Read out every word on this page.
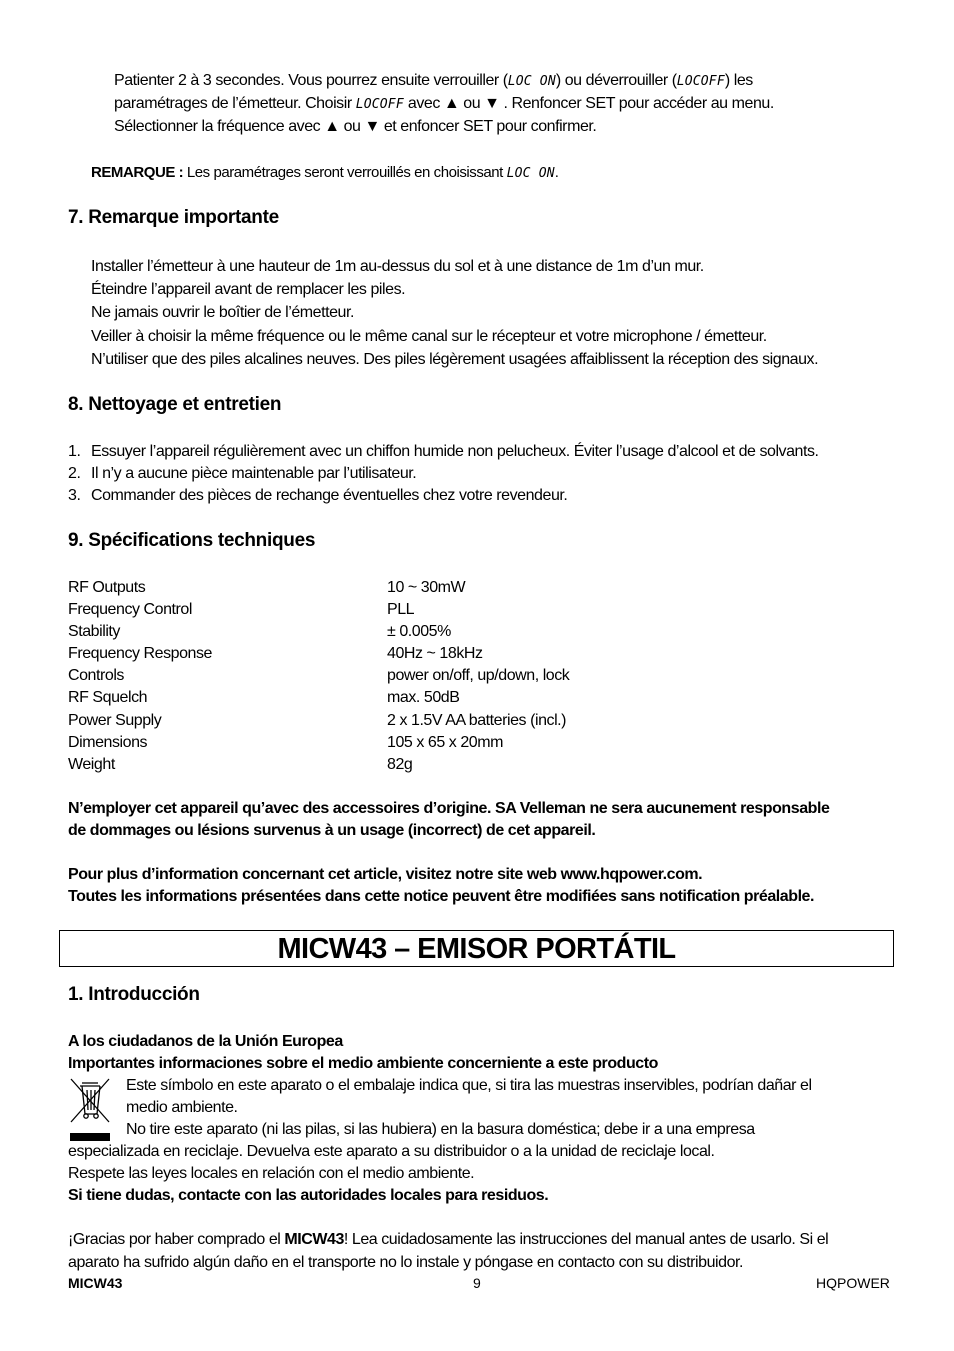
Patienter 2 à 3 secondes. Vous pourrez ensuite verrouiller (LOC ON) ou déverrouiller (LOCOFF) les
paramétrages de l’émetteur. Choisir LOCOFF avec ▲ ou ▼ . Renfoncer SET pour accéder au menu.
Sélectionner la fréquence avec ▲ ou ▼ et enfoncer SET pour confirmer.
REMARQUE : Les paramétrages seront verrouillés en choisissant LOC ON.
7. Remarque importante
Installer l’émetteur à une hauteur de 1m au-dessus du sol et à une distance de 1m d’un mur.
Éteindre l’appareil avant de remplacer les piles.
Ne jamais ouvrir le boîtier de l’émetteur.
Veiller à choisir la même fréquence ou le même canal sur le récepteur et votre microphone / émetteur.
N’utiliser que des piles alcalines neuves. Des piles légèrement usagées affaiblissent la réception des signaux.
8. Nettoyage et entretien
1. Essuyer l’appareil régulièrement avec un chiffon humide non pelucheux. Éviter l’usage d’alcool et de solvants.
2. Il n’y a aucune pièce maintenable par l’utilisateur.
3. Commander des pièces de rechange éventuelles chez votre revendeur.
9. Spécifications techniques
RF Outputs	10 ~ 30mW
Frequency Control	PLL
Stability	± 0.005%
Frequency Response	40Hz ~ 18kHz
Controls	power on/off, up/down, lock
RF Squelch	max. 50dB
Power Supply	2 x 1.5V AA batteries (incl.)
Dimensions	105 x 65 x 20mm
Weight	82g
N’employer cet appareil qu’avec des accessoires d’origine. SA Velleman ne sera aucunement responsable
de dommages ou lésions survenus à un usage (incorrect) de cet appareil.
Pour plus d’information concernant cet article, visitez notre site web www.hqpower.com.
Toutes les informations présentées dans cette notice peuvent être modifiées sans notification préalable.
MICW43 – EMISOR PORTÁTIL
1. Introducción
A los ciudadanos de la Unión Europea
Importantes informaciones sobre el medio ambiente concerniente a este producto
Este símbolo en este aparato o el embalaje indica que, si tira las muestras inservibles, podrían dañar el
medio ambiente.
No tire este aparato (ni las pilas, si las hubiera) en la basura doméstica; debe ir a una empresa
especializada en reciclaje. Devuelva este aparato a su distribuidor o a la unidad de reciclaje local.
Respete las leyes locales en relación con el medio ambiente.
Si tiene dudas, contacte con las autoridades locales para residuos.
¡Gracias por haber comprado el MICW43! Lea cuidadosamente las instrucciones del manual antes de usarlo. Si el
aparato ha sufrido algún daño en el transporte no lo instale y póngase en contacto con su distribuidor.
MICW43	9	HQPOWER
